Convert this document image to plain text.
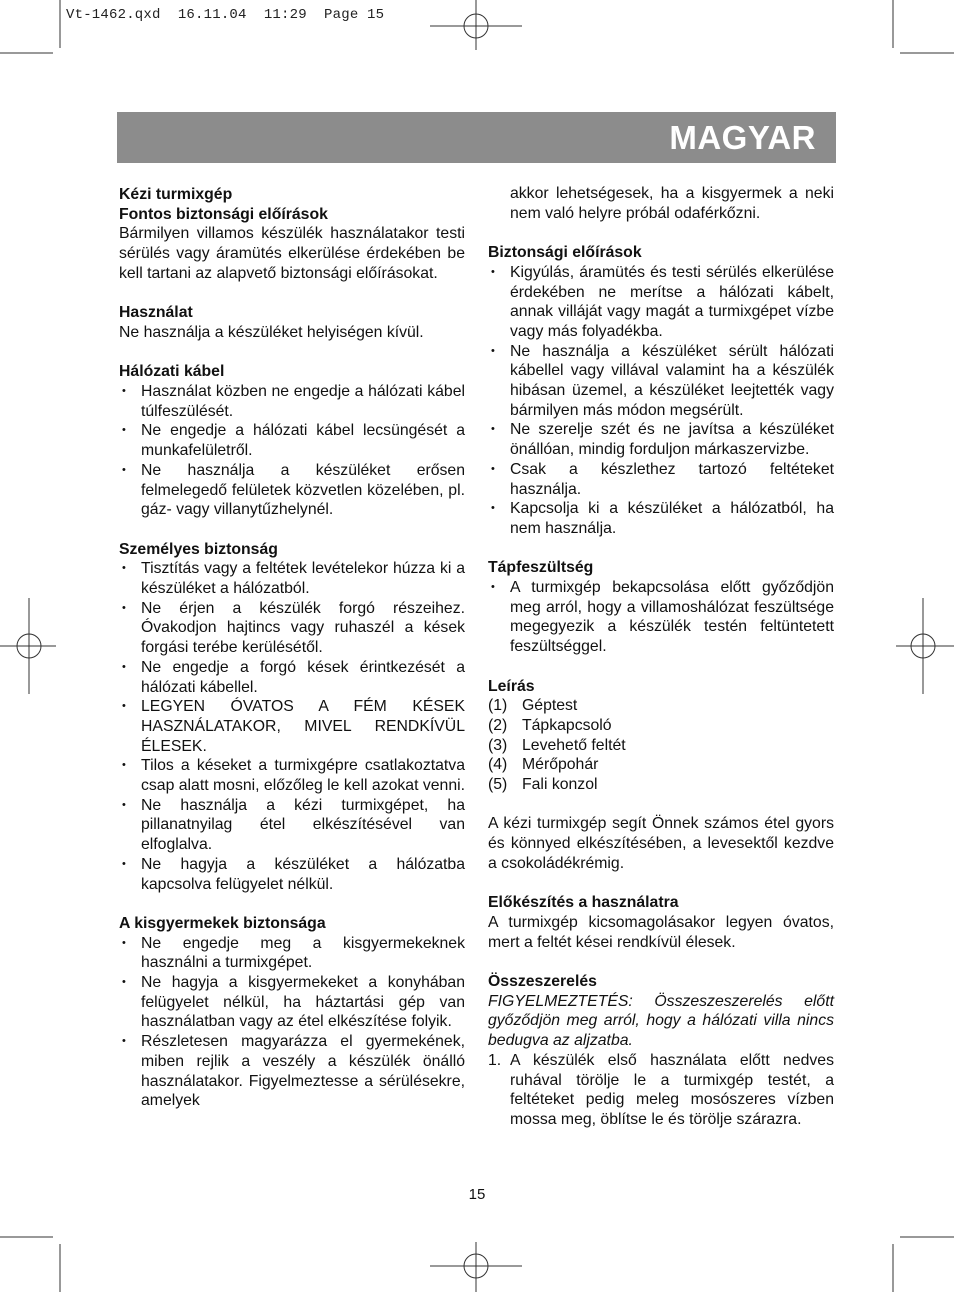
Vt-1462.qxd  16.11.04  11:29  Page 15
MAGYAR
Kézi turmixgép
Fontos biztonsági előírások

Bármilyen villamos készülék használatakor testi sérülés vagy áramütés elkerülése érdekében be kell tartani az alapvető biztonsági előírásokat.

Használat

Ne használja a készüléket helyiségen kívül.

Hálózati kábel
• Használat közben ne engedje a hálózati kábel túlfeszülését.
• Ne engedje a hálózati kábel lecsüngését a munkafelületről.
• Ne használja a készüléket erősen felmelegedő felületek közvetlen közelében, pl. gáz- vagy villanytűzhelynél.
Személyes biztonság
• Tisztítás vagy a feltétek levételekor húzza ki a készüléket a hálózatból.
• Ne érjen a készülék forgó részeihez. Óvakodjon hajtincs vagy ruhaszél a kések forgási terébe kerülésétől.
• Ne engedje a forgó kések érintkezését a hálózati kábellel.
• LEGYEN ÓVATOS A FÉM KÉSEK HASZNÁLATAKOR, MIVEL RENDKÍVÜL ÉLESEK.
• Tilos a késeket a turmixgépre csatlakoztatva csap alatt mosni, előzőleg le kell azokat venni.
• Ne használja a kézi turmixgépet, ha pillanatnyilag étel elkészítésével van elfoglalva.
• Ne hagyja a készüléket a hálózatba kapcsolva felügyelet nélkül.
A kisgyermekek biztonsága
• Ne engedje meg a kisgyermekeknek használni a turmixgépet.
• Ne hagyja a kisgyermekeket a konyhában felügyelet nélkül, ha háztartási gép van használatban vagy az étel elkészítése folyik.
• Részletesen magyarázza el gyermekének, miben rejlik a veszély a készülék önálló használatakor. Figyelmeztesse a sérülésekre, amelyek

akkor lehetségesek, ha a kisgyermek a neki nem való helyre próbál odaférkőzni.

Biztonsági előírások
• Kigyúlás, áramütés és testi sérülés elkerülése érdekében ne merítse a hálózati kábelt, annak villáját vagy magát a turmixgépet vízbe vagy más folyadékba.
• Ne használja a készüléket sérült hálózati kábellel vagy villával valamint ha a készülék hibásan üzemel, a készüléket leejtették vagy bármilyen más módon megsérült.
• Ne szerelje szét és ne javítsa a készüléket önállóan, mindig forduljon márkaszervizbe.
• Csak a készlethez tartozó feltéteket használja.
• Kapcsolja ki a készüléket a hálózatból, ha nem használja.
Tápfeszültség
• A turmixgép bekapcsolása előtt győződjön meg arról, hogy a villamoshálózat feszültsége megegyezik a készülék testén feltüntetett feszültséggel.
Leírás
(1) Géptest
(2) Tápkapcsoló
(3) Levehető feltét
(4) Mérőpohár
(5) Fali konzol

A kézi turmixgép segít Önnek számos étel gyors és könnyed elkészítésében, a levesektől kezdve a csokoládékrémig.

Előkészítés a használatra

A turmixgép kicsomagolásakor legyen óvatos, mert a feltét kései rendkívül élesek.

Összeszerelés

FIGYELMEZTETÉS: Összeszeszerelés előtt győződjön meg arról, hogy a hálózati villa nincs bedugva az aljzatba.

1. A készülék első használata előtt nedves ruhával törölje le a turmixgép testét, a feltéteket pedig meleg mosószeres vízben mossa meg, öblítse le és törölje szárazra.
15
